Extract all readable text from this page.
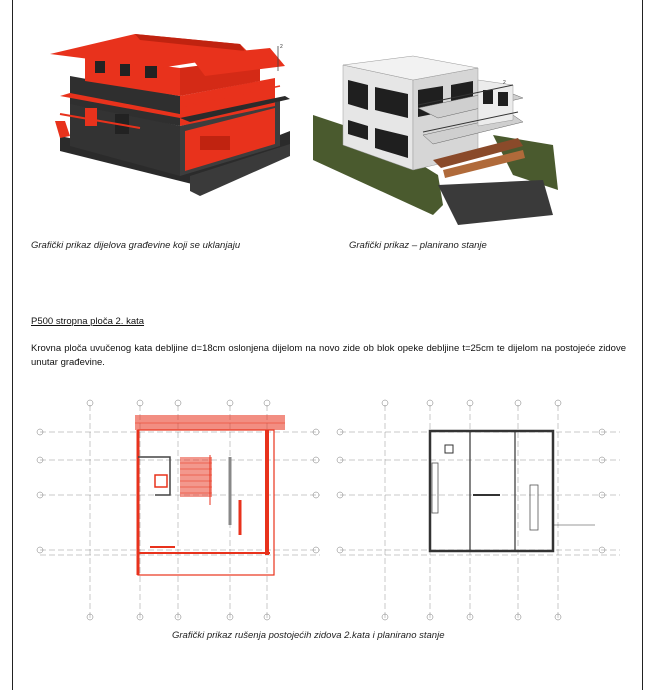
2
2
Grafički prikaz dijelova građevine koji se uklanjaju	Grafički prikaz – planirano stanje
P500 stropna ploča 2. kata
Krovna ploča uvučenog kata debljine d=18cm oslonjena dijelom na novo zide ob blok opeke debljine t=25cm te dijelom na postojeće zidove unutar građevine.
Grafički prikaz rušenja postojećih zidova 2.kata i planirano stanje
